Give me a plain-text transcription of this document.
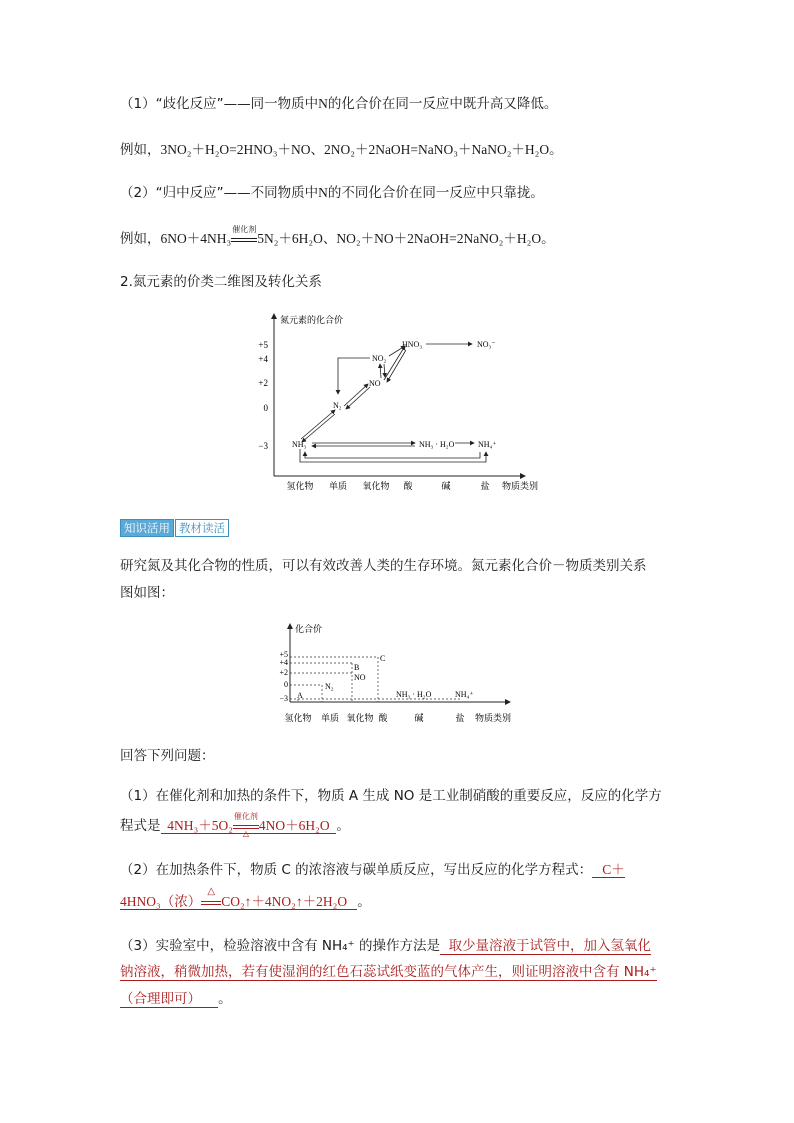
（1）“歧化反应”——同一物质中N的化合价在同一反应中既升高又降低。
例如，3NO₂＋H₂O=2HNO₃＋NO、2NO₂＋2NaOH=NaNO₃＋NaNO₂＋H₂O。
（2）“归中反应”——不同物质中N的不同化合价在同一反应中只靠拢。
例如，6NO＋4NH₃
催化剂
5N₂＋6H₂O、NO₂＋NO＋2NaOH=2NaNO₂＋H₂O。
2.氮元素的价类二维图及转化关系
氮元素的化合价
+5
+4
+2
0
−3
氢化物 单质 氧化物 酸	碱	盐 物质类别
HNO₃	NO₃⁻
NO₂
NO
N₂
NH₃	NH₃ · H₂O	NH₄⁺
知识活用 教材读活
研究氮及其化合物的性质，可以有效改善人类的生存环境。氮元素化合价－物质类别关系
图如图：
化合价
+5
+4
+2
0
−3
氢化物 单质 氧化物 酸	碱	盐 物质类别
A
N₂
B
NO
C
NH₃ · H₂O	NH₄⁺
回答下列问题：
（1）在催化剂和加热的条件下，物质 A 生成 NO 是工业制硝酸的重要反应，反应的化学方
程式是 4NH₃＋5O₂
催化剂
△
4NO＋6H₂O 。
（2）在加热条件下，物质 C 的浓溶液与碳单质反应，写出反应的化学方程式： C＋
4HNO₃（浓）
△
CO₂↑＋4NO₂↑＋2H₂O 。
（3）实验室中，检验溶液中含有 NH₄⁺ 的操作方法是 取少量溶液于试管中，加入氢氧化
钠溶液，稍微加热，若有使湿润的红色石蕊试纸变蓝的气体产生，则证明溶液中含有 NH₄⁺
（合理即可） 。
